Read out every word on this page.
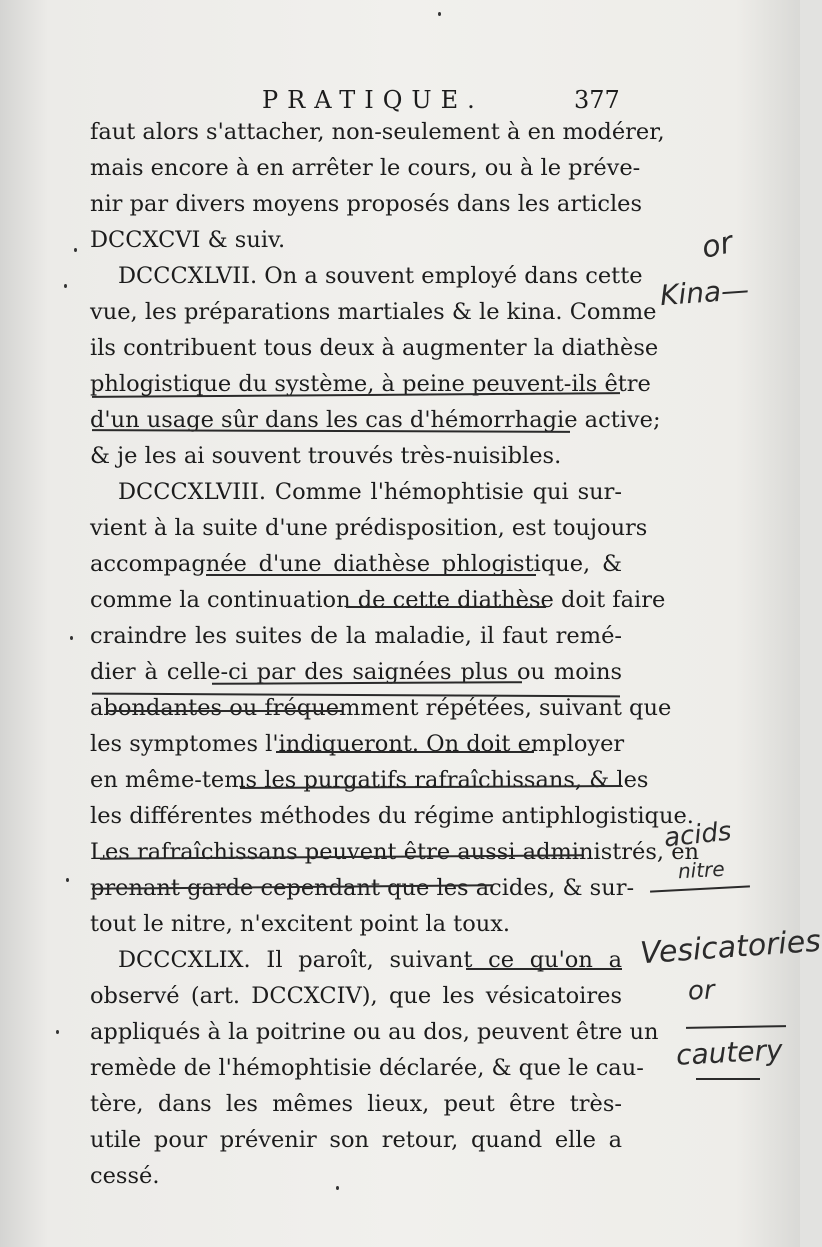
PRATIQUE.	377
faut alors s'attacher, non-seulement à en modérer,
mais encore à en arrêter le cours, ou à le préve-
nir par divers moyens proposés dans les articles
DCCXCVI & suiv.
DCCCXLVII. On a souvent employé dans cette
vue, les préparations martiales & le kina. Comme
ils contribuent tous deux à augmenter la diathèse
phlogistique du système, à peine peuvent-ils être
d'un usage sûr dans les cas d'hémorrhagie active;
& je les ai souvent trouvés très-nuisibles.
DCCCXLVIII. Comme l'hémophtisie qui sur-
vient à la suite d'une prédisposition, est toujours
accompagnée d'une diathèse phlogistique, &
comme la continuation de cette diathèse doit faire
craindre les suites de la maladie, il faut remé-
dier à celle-ci par des saignées plus ou moins
abondantes ou fréquemment répétées, suivant que
les symptomes l'indiqueront. On doit employer
en même-tems les purgatifs rafraîchissans, & les
les différentes méthodes du régime antiphlogistique.
Les rafraîchissans peuvent être aussi administrés, en
prenant garde cependant que les acides, & sur-
tout le nitre, n'excitent point la toux.
DCCCXLIX. Il paroît, suivant ce qu'on a
observé (art. DCCXCIV), que les vésicatoires
appliqués à la poitrine ou au dos, peuvent être un
remède de l'hémophtisie déclarée, & que le cau-
tère, dans les mêmes lieux, peut être très-
utile pour prévenir son retour, quand elle a
cessé.
or
Kina—
acids
nitre
Vesicatories
or
cautery
